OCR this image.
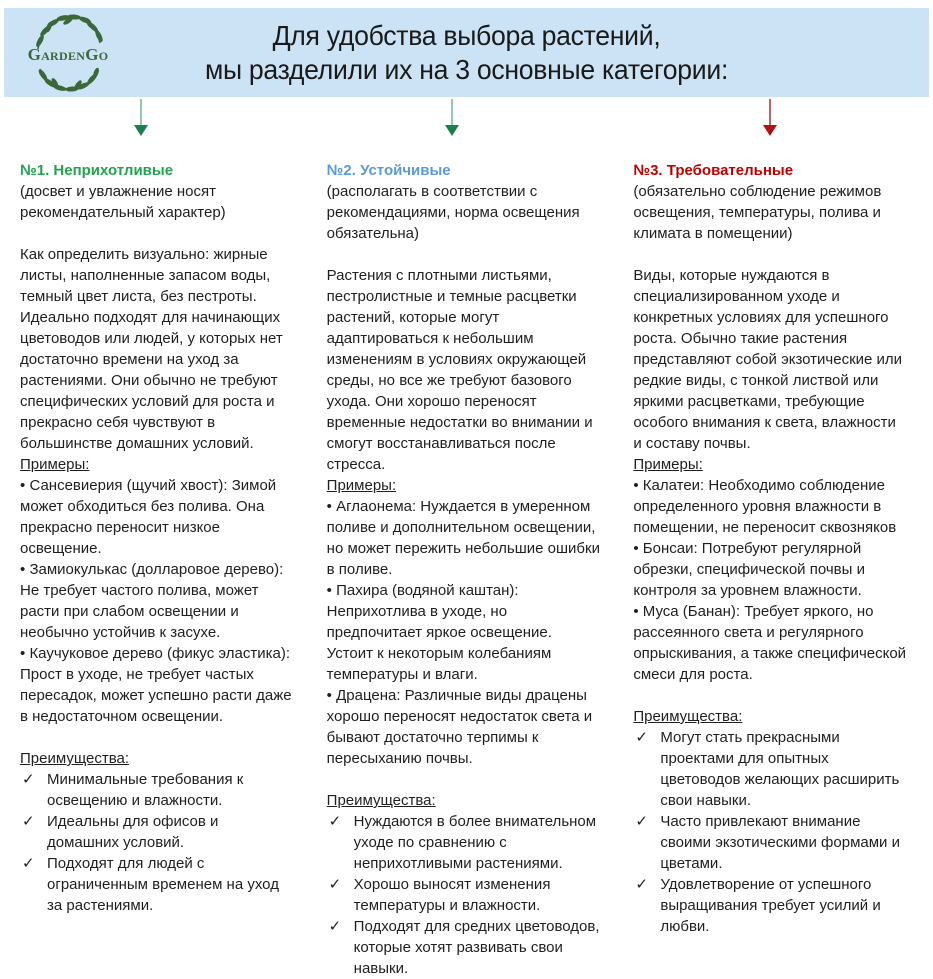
GardenGo
Для удобства выбора растений,
мы разделили их на 3 основные категории:
№1. Неприхотливые

(досвет и увлажнение носят рекомендательный характер)

Как определить визуально: жирные листы, наполненные запасом воды, темный цвет листа, без пестроты. Идеально подходят для начинающих цветоводов или людей, у которых нет достаточно времени на уход за растениями. Они обычно не требуют специфических условий для роста и прекрасно себя чувствуют в большинстве домашних условий.

Примеры:

• Сансевиерия (щучий хвост): Зимой может обходиться без полива. Она прекрасно переносит низкое освещение.

• Замиокулькас (долларовое дерево): Не требует частого полива, может расти при слабом освещении и необычно устойчив к засухе.

• Каучуковое дерево (фикус эластика): Прост в уходе, не требует частых пересадок, может успешно расти даже в недостаточном освещении.

Преимущества:

✓ Минимальные требования к освещению и влажности.
✓ Идеальны для офисов и домашних условий.
✓ Подходят для людей с ограниченным временем на уход за растениями.
№2. Устойчивые

(располагать в соответствии с рекомендациями, норма освещения обязательна)

Растения с плотными листьями, пестролистные и темные расцветки растений, которые могут адаптироваться к небольшим изменениям в условиях окружающей среды, но все же требуют базового ухода. Они хорошо переносят временные недостатки во внимании и смогут восстанавливаться после стресса.

Примеры:

• Аглаонема: Нуждается в умеренном поливе и дополнительном освещении, но может пережить небольшие ошибки в поливе.

• Пахира (водяной каштан): Неприхотлива в уходе, но предпочитает яркое освещение. Устоит к некоторым колебаниям температуры и влаги.

• Драцена: Различные виды драцены хорошо переносят недостаток света и бывают достаточно терпимы к пересыханию почвы.

Преимущества:

✓ Нуждаются в более внимательном уходе по сравнению с неприхотливыми растениями.
✓ Хорошо выносят изменения температуры и влажности.
✓ Подходят для средних цветоводов, которые хотят развивать свои навыки.
№3. Требовательные

(обязательно соблюдение режимов освещения, температуры, полива и климата в помещении)

Виды, которые нуждаются в специализированном уходе и конкретных условиях для успешного роста. Обычно такие растения представляют собой экзотические или редкие виды, с тонкой листвой или яркими расцветками, требующие особого внимания к света, влажности и составу почвы.

Примеры:

• Калатеи: Необходимо соблюдение определенного уровня влажности в помещении, не переносит сквозняков

• Бонсаи: Потребуют регулярной обрезки, специфической почвы и контроля за уровнем влажности.

• Муса (Банан): Требует яркого, но рассеянного света и регулярного опрыскивания, а также специфической смеси для роста.

Преимущества:

✓ Могут стать прекрасными проектами для опытных цветоводов желающих расширить свои навыки.
✓ Часто привлекают внимание своими экзотическими формами и цветами.
✓ Удовлетворение от успешного выращивания требует усилий и любви.
